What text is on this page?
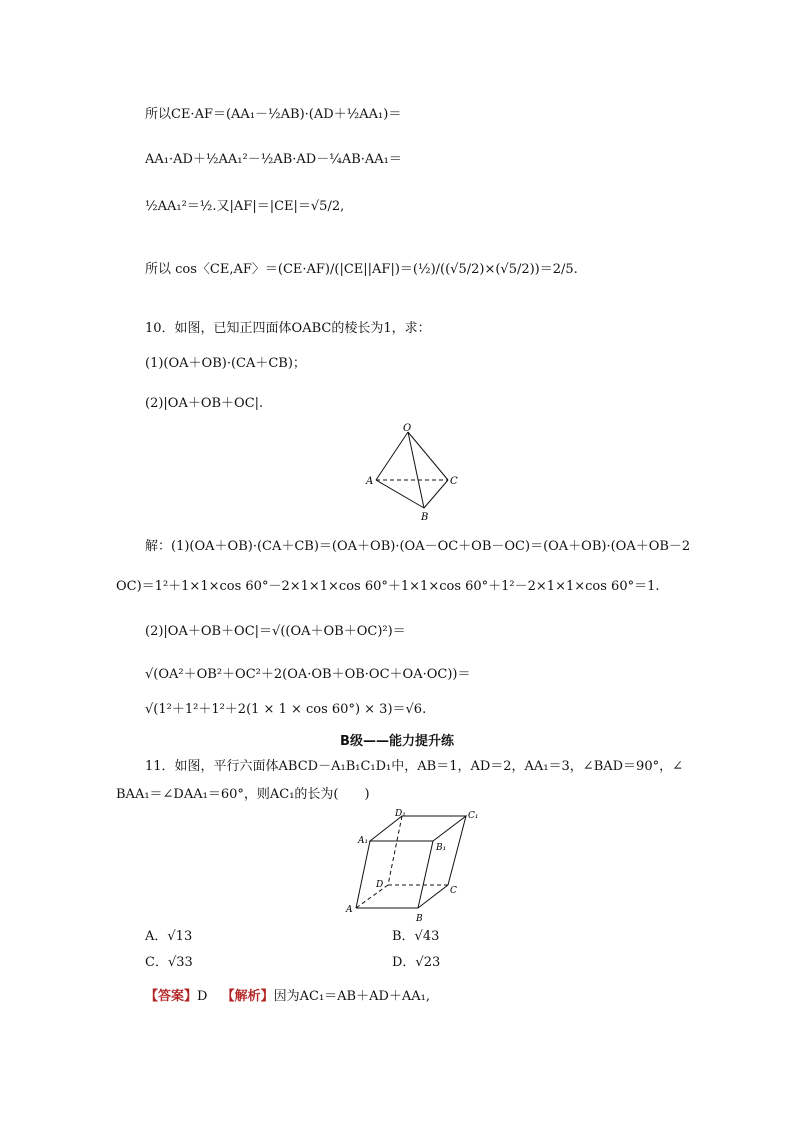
所以CE·AF＝(AA₁－½AB)·(AD＋½AA₁)＝
AA₁·AD＋½AA₁²－½AB·AD－¼AB·AA₁＝
½AA₁²＝½.又|AF|＝|CE|＝√5/2,
所以 cos〈CE,AF〉＝(CE·AF)/(|CE||AF|)＝(½)/((√5/2)×(√5/2))＝2/5.
10．如图，已知正四面体OABC的棱长为1，求：
(1)(OA＋OB)·(CA＋CB)；
(2)|OA＋OB＋OC|.
O
A
B
C
解：(1)(OA＋OB)·(CA＋CB)＝(OA＋OB)·(OA－OC＋OB－OC)＝(OA＋OB)·(OA＋OB－2
OC)＝1²＋1×1×cos 60°－2×1×1×cos 60°＋1×1×cos 60°＋1²－2×1×1×cos 60°＝1.
(2)|OA＋OB＋OC|＝√((OA＋OB＋OC)²)＝
√(OA²＋OB²＋OC²＋2(OA·OB＋OB·OC＋OA·OC))＝
√(1²＋1²＋1²＋2(1 × 1 × cos 60°) × 3)＝√6.
B级——能力提升练
11．如图，平行六面体ABCD－A₁B₁C₁D₁中，AB＝1，AD＝2，AA₁＝3，∠BAD＝90°，∠
BAA₁＝∠DAA₁＝60°，则AC₁的长为(　　)
D₁	C₁
A₁
B₁
D
C
A
B
A．√13	B．√43
C．√33	D．√23
【答案】D 【解析】因为AC₁＝AB＋AD＋AA₁,
